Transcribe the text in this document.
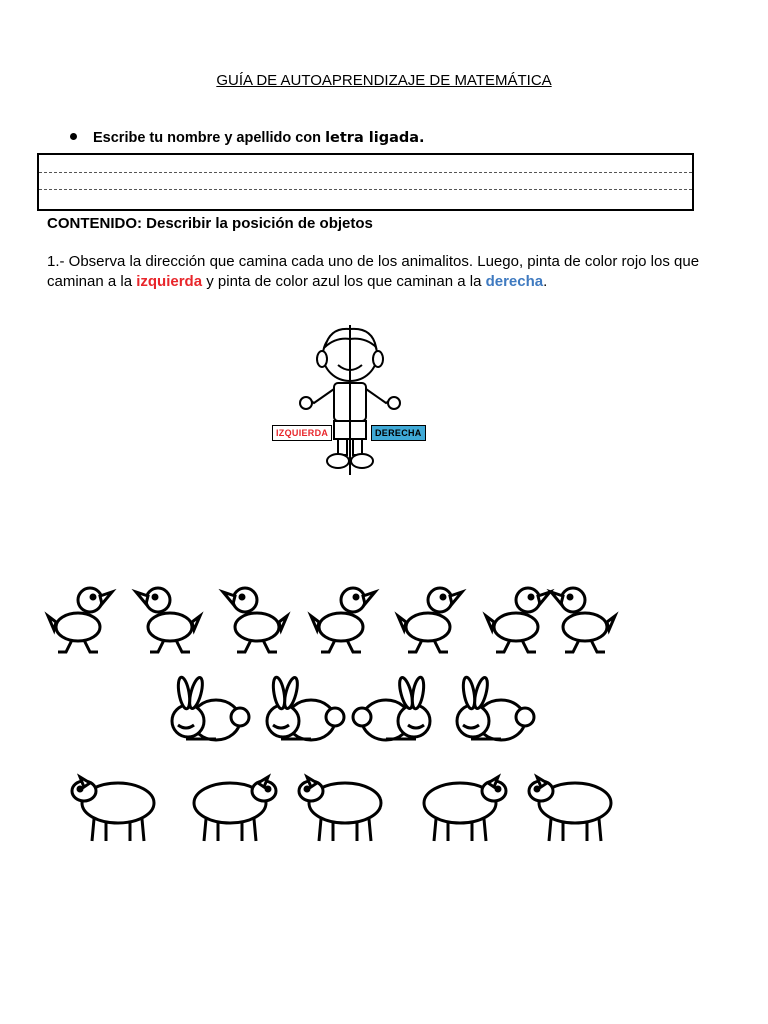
GUÍA DE AUTOAPRENDIZAJE DE MATEMÁTICA
Escribe tu nombre y apellido con letra ligada.
CONTENIDO: Describir la posición de objetos
1.- Observa la dirección que camina cada uno de los animalitos. Luego, pinta de color rojo los que caminan a la izquierda y pinta de color azul los que caminan a la derecha.
IZQUIERDA	DERECHA
